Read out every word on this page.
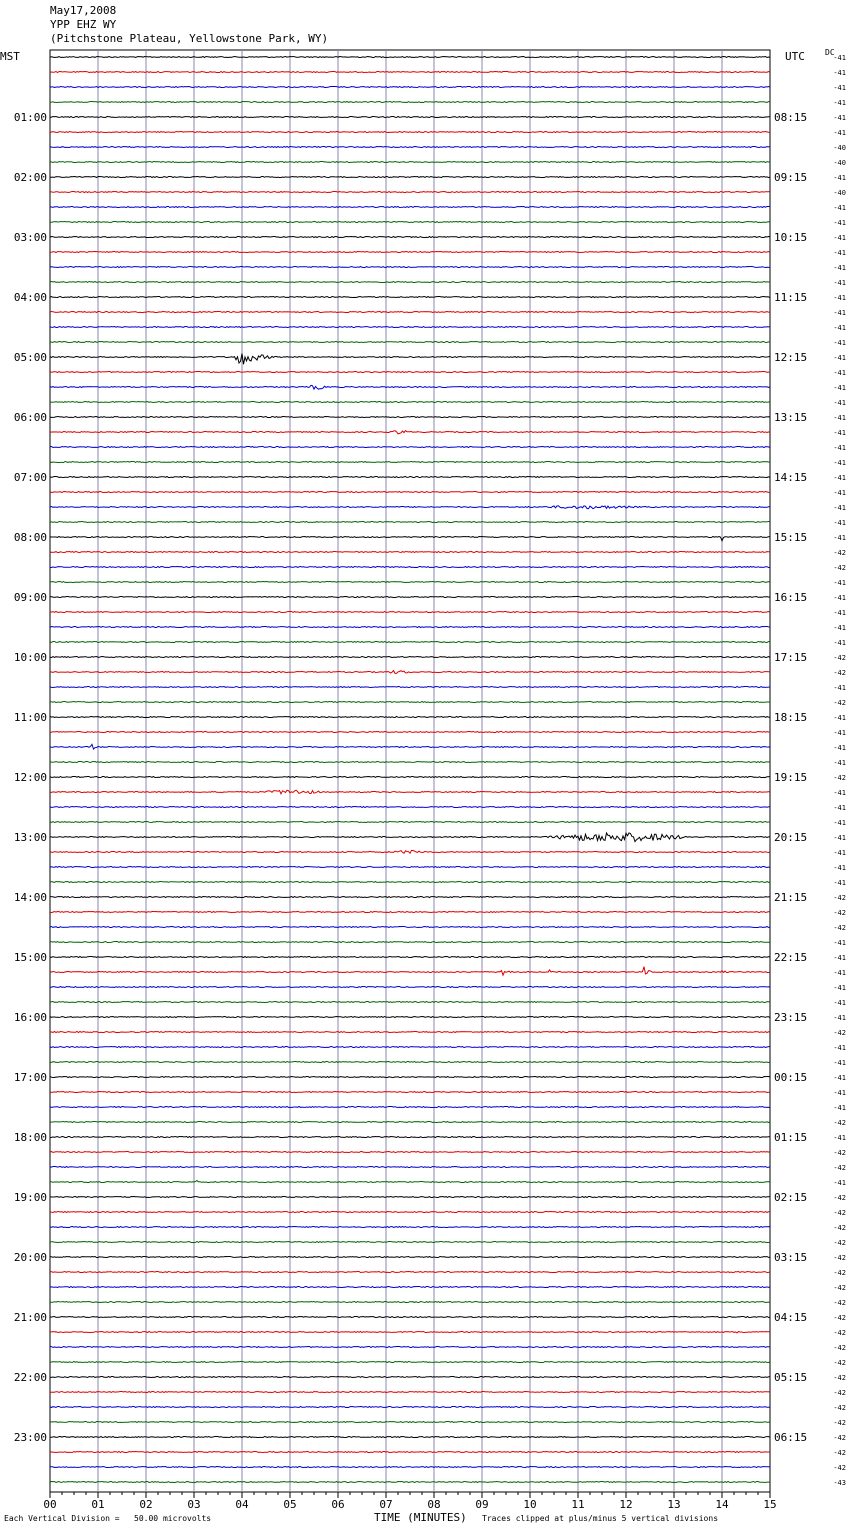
May17,2008
YPP EHZ WY
(Pitchstone Plateau, Yellowstone Park, WY)
MST	UTC	DC
-41
-41
-41
-41
-41
-41
-40
-40
-41
-40
-41
-41
-41
-41
-41
-41
-41
-41
-41
-41
-41
-41
-41
-41
-41
-41
-41
-41
-41
-41
-41
-41
-41
-42
-42
-41
-41
-41
-41
-41
-42
-42
-41
-42
-41
-41
-41
-41
-42
-41
-41
-41
-41
-41
-41
-41
-42
-42
-42
-41
-41
-41
-41
-41
-41
-42
-41
-41
-41
-41
-41
-42
-41
-42
-42
-41
-42
-42
-42
-42
-42
-42
-42
-42
-42
-42
-42
-42
-42
-42
-42
-42
-42
-42
-42
-43
01:00
02:00
03:00
04:00
05:00
06:00
07:00
08:00
09:00
10:00
11:00
12:00
13:00
14:00
15:00
16:00
17:00
18:00
19:00
20:00
21:00
22:00
23:00
08:15
09:15
10:15
11:15
12:15
13:15
14:15
15:15
16:15
17:15
18:15
19:15
20:15
21:15
22:15
23:15
00:15
01:15
02:15
03:15
04:15
05:15
06:15
00	01	02	03	04	05	06	07	08	09	10	11	12	13	14	15
TIME (MINUTES)
Each Vertical Division =   50.00 microvolts	Traces clipped at plus/minus 5 vertical divisions
